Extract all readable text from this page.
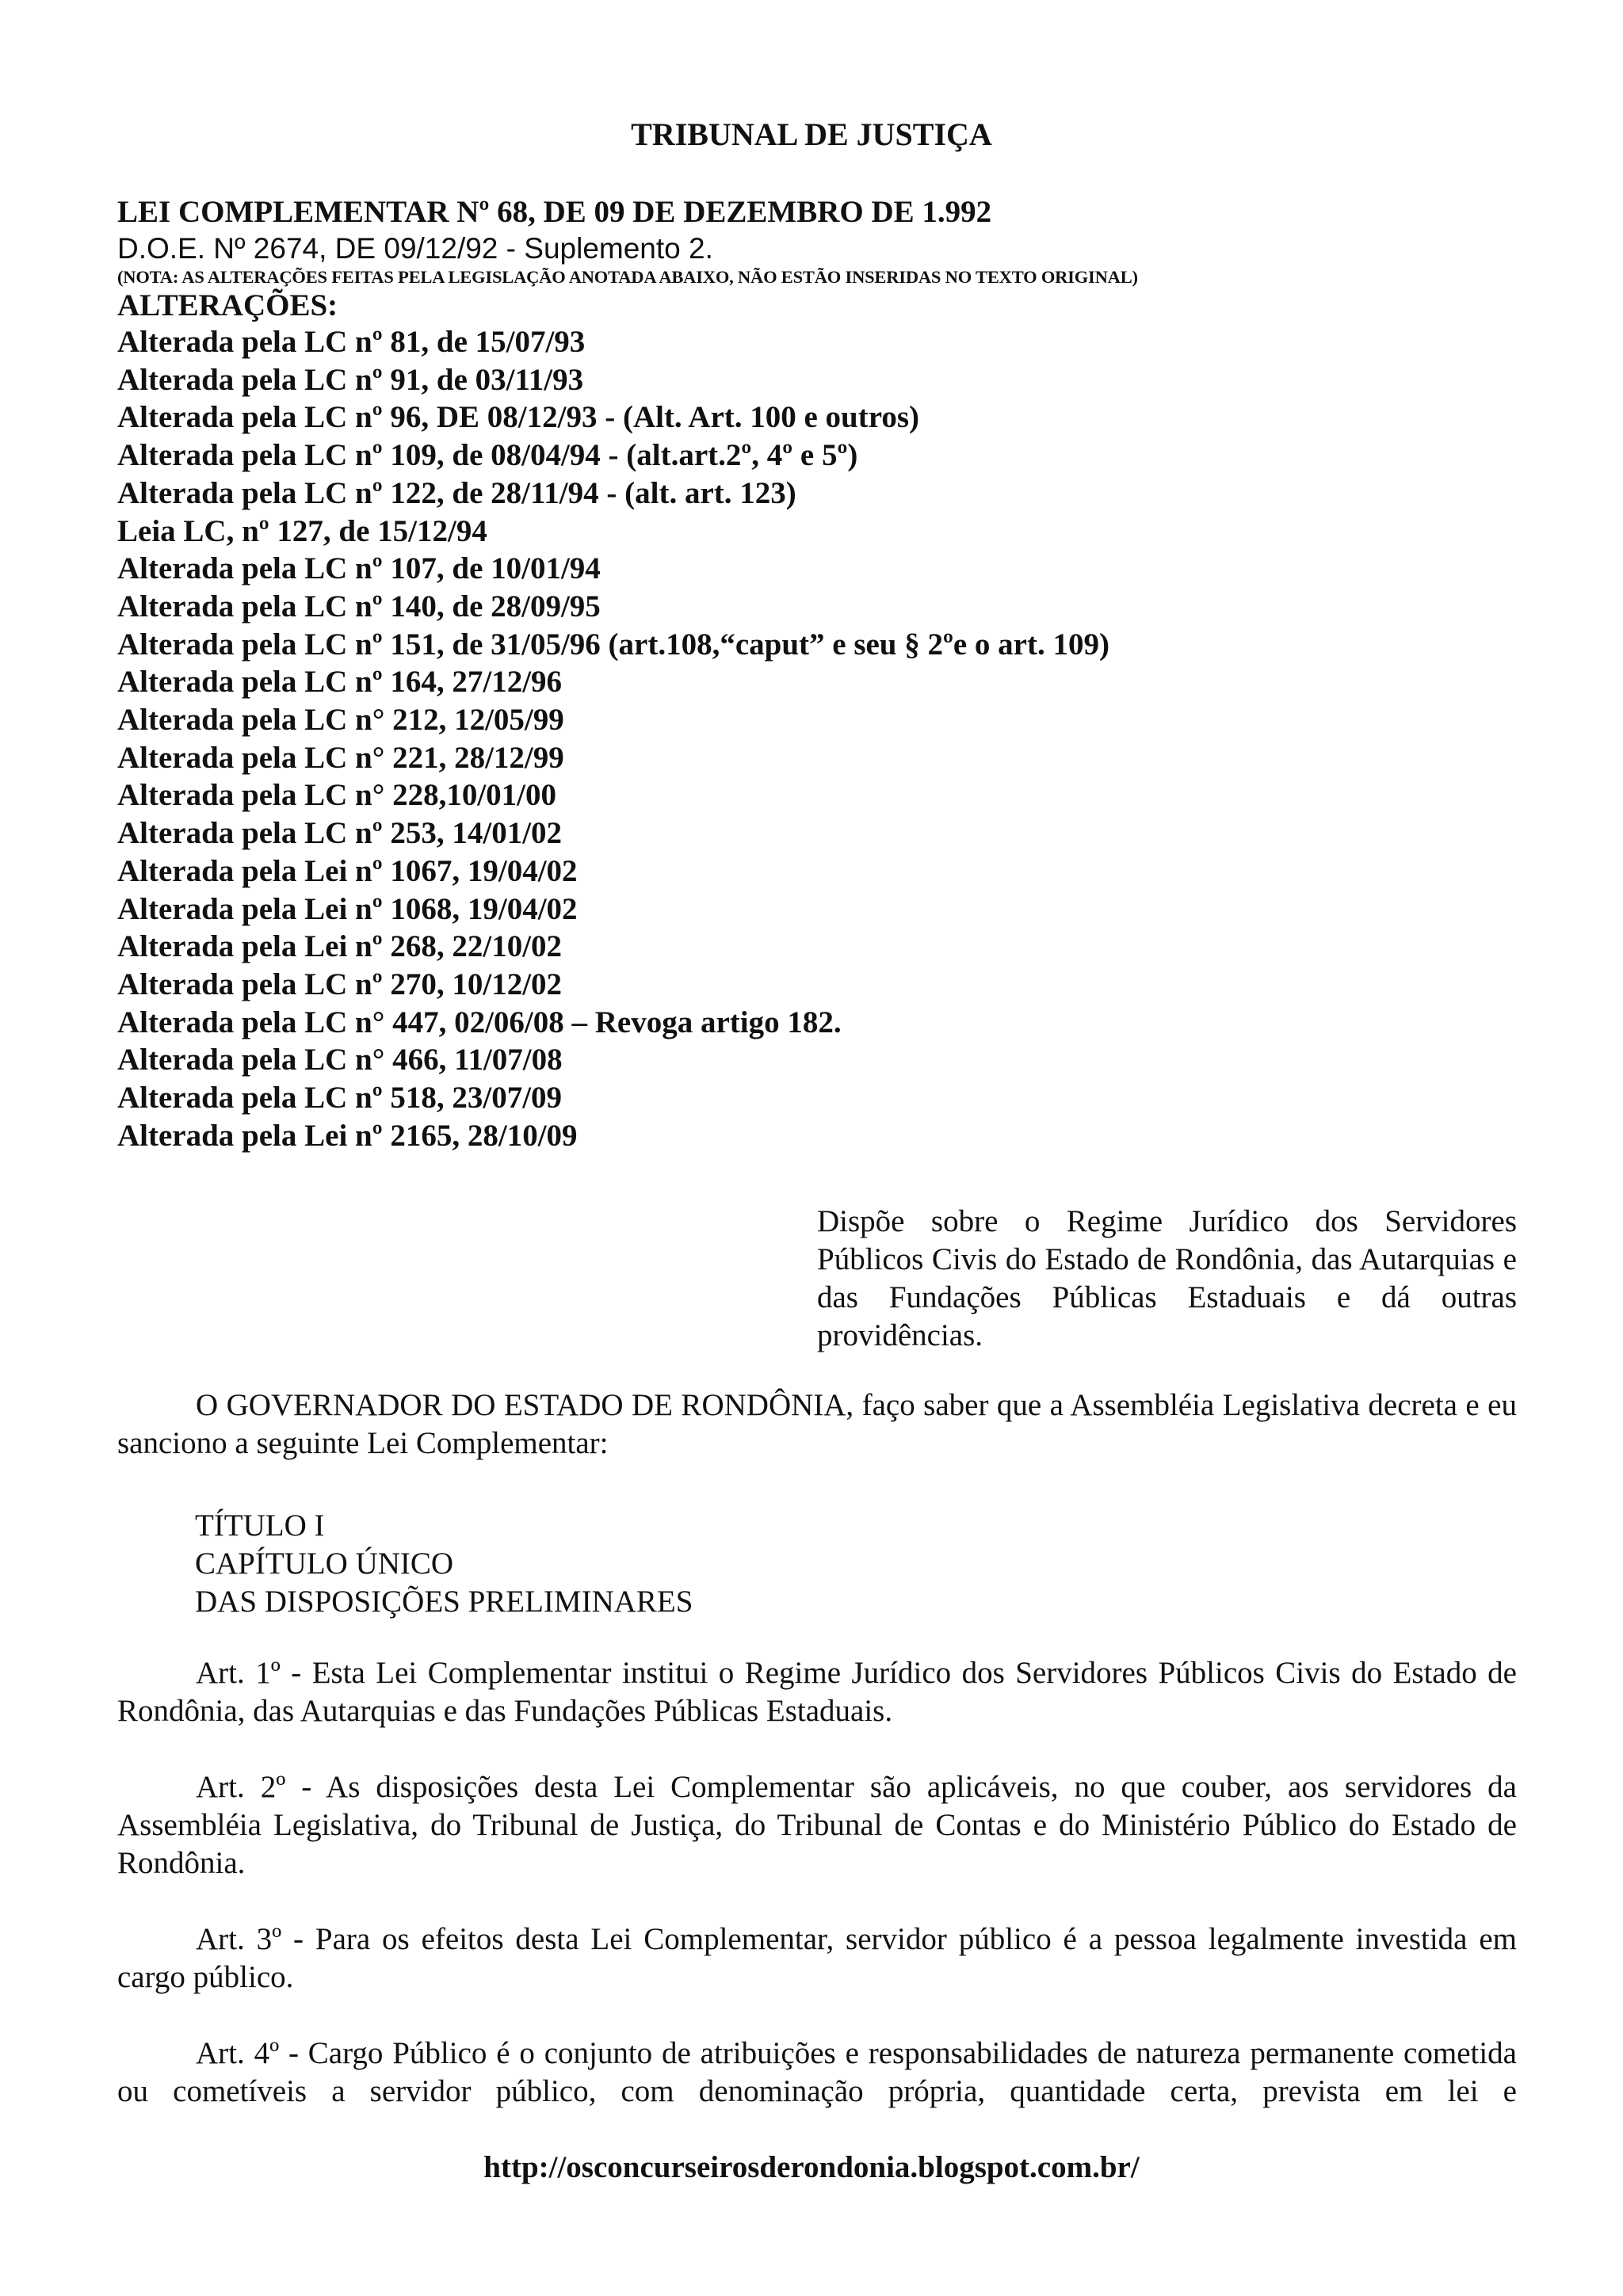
TRIBUNAL DE JUSTIÇA
LEI COMPLEMENTAR Nº 68, DE 09 DE DEZEMBRO DE 1.992
D.O.E. Nº 2674, DE 09/12/92 - Suplemento 2.
(NOTA: AS ALTERAÇÕES FEITAS PELA LEGISLAÇÃO ANOTADA ABAIXO, NÃO ESTÃO INSERIDAS NO TEXTO ORIGINAL)
ALTERAÇÕES:
Alterada pela LC nº 81, de 15/07/93
Alterada pela LC nº 91, de 03/11/93
Alterada pela LC nº 96, DE 08/12/93 - (Alt. Art. 100 e outros)
Alterada pela LC nº 109, de 08/04/94 - (alt.art.2º, 4º e 5º)
Alterada pela LC nº 122, de 28/11/94 - (alt. art. 123)
Leia LC, nº 127, de 15/12/94
Alterada pela LC nº 107, de 10/01/94
Alterada pela LC nº 140, de 28/09/95
Alterada pela LC nº 151, de 31/05/96 (art.108,“caput” e seu § 2ºe o art. 109)
Alterada pela LC nº 164, 27/12/96
Alterada pela LC n° 212, 12/05/99
Alterada pela LC n° 221, 28/12/99
Alterada pela LC n° 228,10/01/00
Alterada pela LC nº 253, 14/01/02
Alterada pela Lei nº 1067, 19/04/02
Alterada pela Lei nº 1068, 19/04/02
Alterada pela Lei nº 268, 22/10/02
Alterada pela LC nº 270, 10/12/02
Alterada pela LC n° 447, 02/06/08 – Revoga artigo 182.
Alterada pela LC n° 466, 11/07/08
Alterada pela LC nº 518, 23/07/09
Alterada pela Lei nº 2165, 28/10/09
Dispõe sobre o Regime Jurídico dos Servidores Públicos Civis do Estado de Rondônia, das Autarquias e das Fundações Públicas Estaduais e dá outras providências.

O GOVERNADOR DO ESTADO DE RONDÔNIA, faço saber que a Assembléia Legislativa decreta e eu sanciono a seguinte Lei Complementar:

TÍTULO I
CAPÍTULO ÚNICO
DAS DISPOSIÇÕES PRELIMINARES

Art. 1º - Esta Lei Complementar institui o Regime Jurídico dos Servidores Públicos Civis do Estado de Rondônia, das Autarquias e das Fundações Públicas Estaduais.

Art. 2º - As disposições desta Lei Complementar são aplicáveis, no que couber, aos servidores da Assembléia Legislativa, do Tribunal de Justiça, do Tribunal de Contas e do Ministério Público do Estado de Rondônia.

Art. 3º - Para os efeitos desta Lei Complementar, servidor público é a pessoa legalmente investida em cargo público.

Art. 4º - Cargo Público é o conjunto de atribuições e responsabilidades de natureza permanente cometida ou cometíveis a servidor público, com denominação própria, quantidade certa, prevista em lei e

http://osconcurseirosderondonia.blogspot.com.br/
